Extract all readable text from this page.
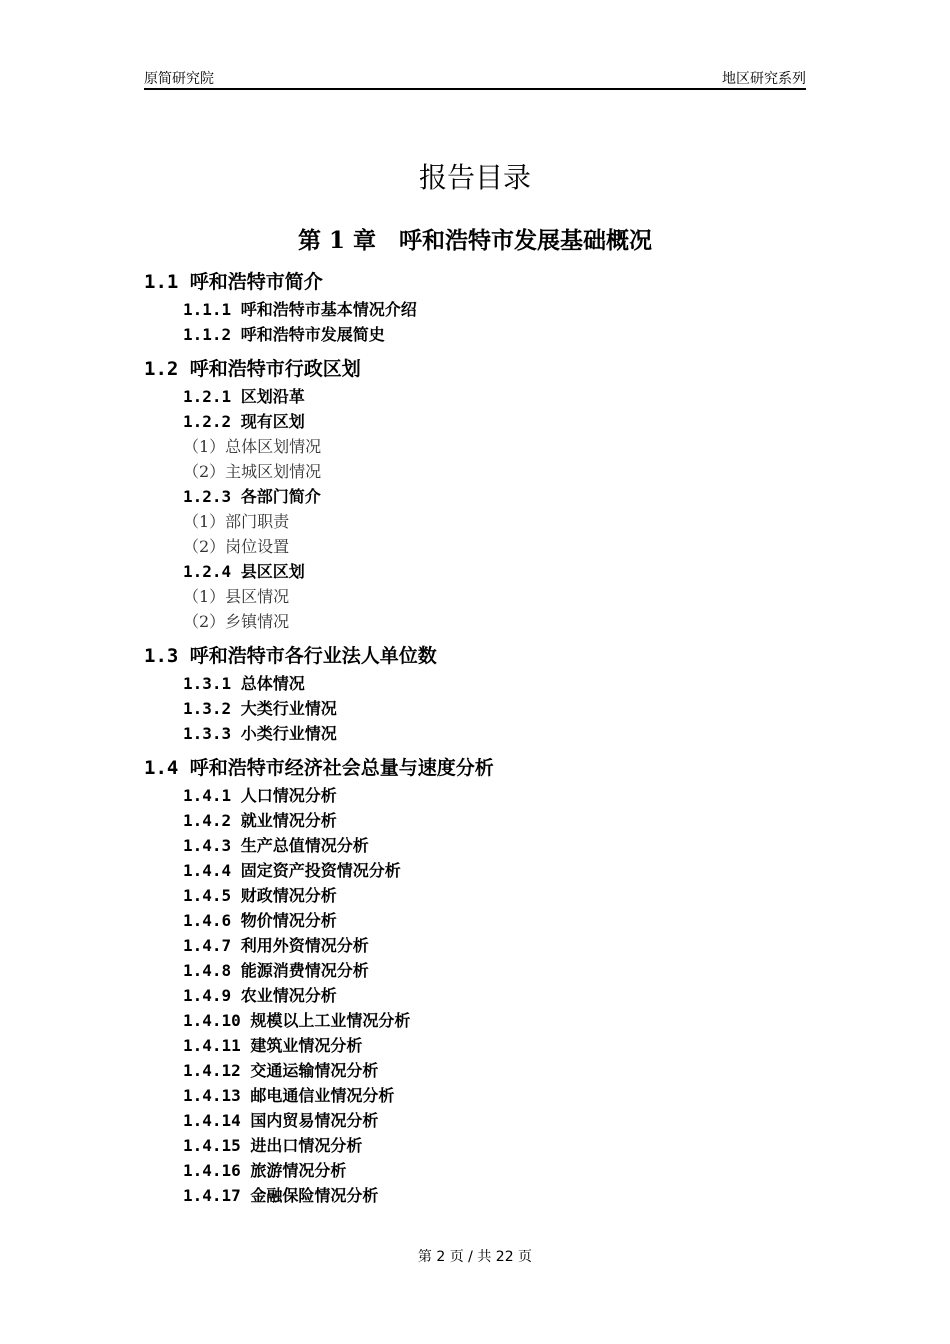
原简研究院	地区研究系列
报告目录
第 1 章　呼和浩特市发展基础概况
1.1 呼和浩特市简介
1.1.1 呼和浩特市基本情况介绍
1.1.2 呼和浩特市发展简史
1.2 呼和浩特市行政区划
1.2.1 区划沿革
1.2.2 现有区划
（1）总体区划情况
（2）主城区划情况
1.2.3 各部门简介
（1）部门职责
（2）岗位设置
1.2.4 县区区划
（1）县区情况
（2）乡镇情况
1.3 呼和浩特市各行业法人单位数
1.3.1 总体情况
1.3.2 大类行业情况
1.3.3 小类行业情况
1.4 呼和浩特市经济社会总量与速度分析
1.4.1 人口情况分析
1.4.2 就业情况分析
1.4.3 生产总值情况分析
1.4.4 固定资产投资情况分析
1.4.5 财政情况分析
1.4.6 物价情况分析
1.4.7 利用外资情况分析
1.4.8 能源消费情况分析
1.4.9 农业情况分析
1.4.10 规模以上工业情况分析
1.4.11 建筑业情况分析
1.4.12 交通运输情况分析
1.4.13 邮电通信业情况分析
1.4.14 国内贸易情况分析
1.4.15 进出口情况分析
1.4.16 旅游情况分析
1.4.17 金融保险情况分析
第 2 页 / 共 22 页
